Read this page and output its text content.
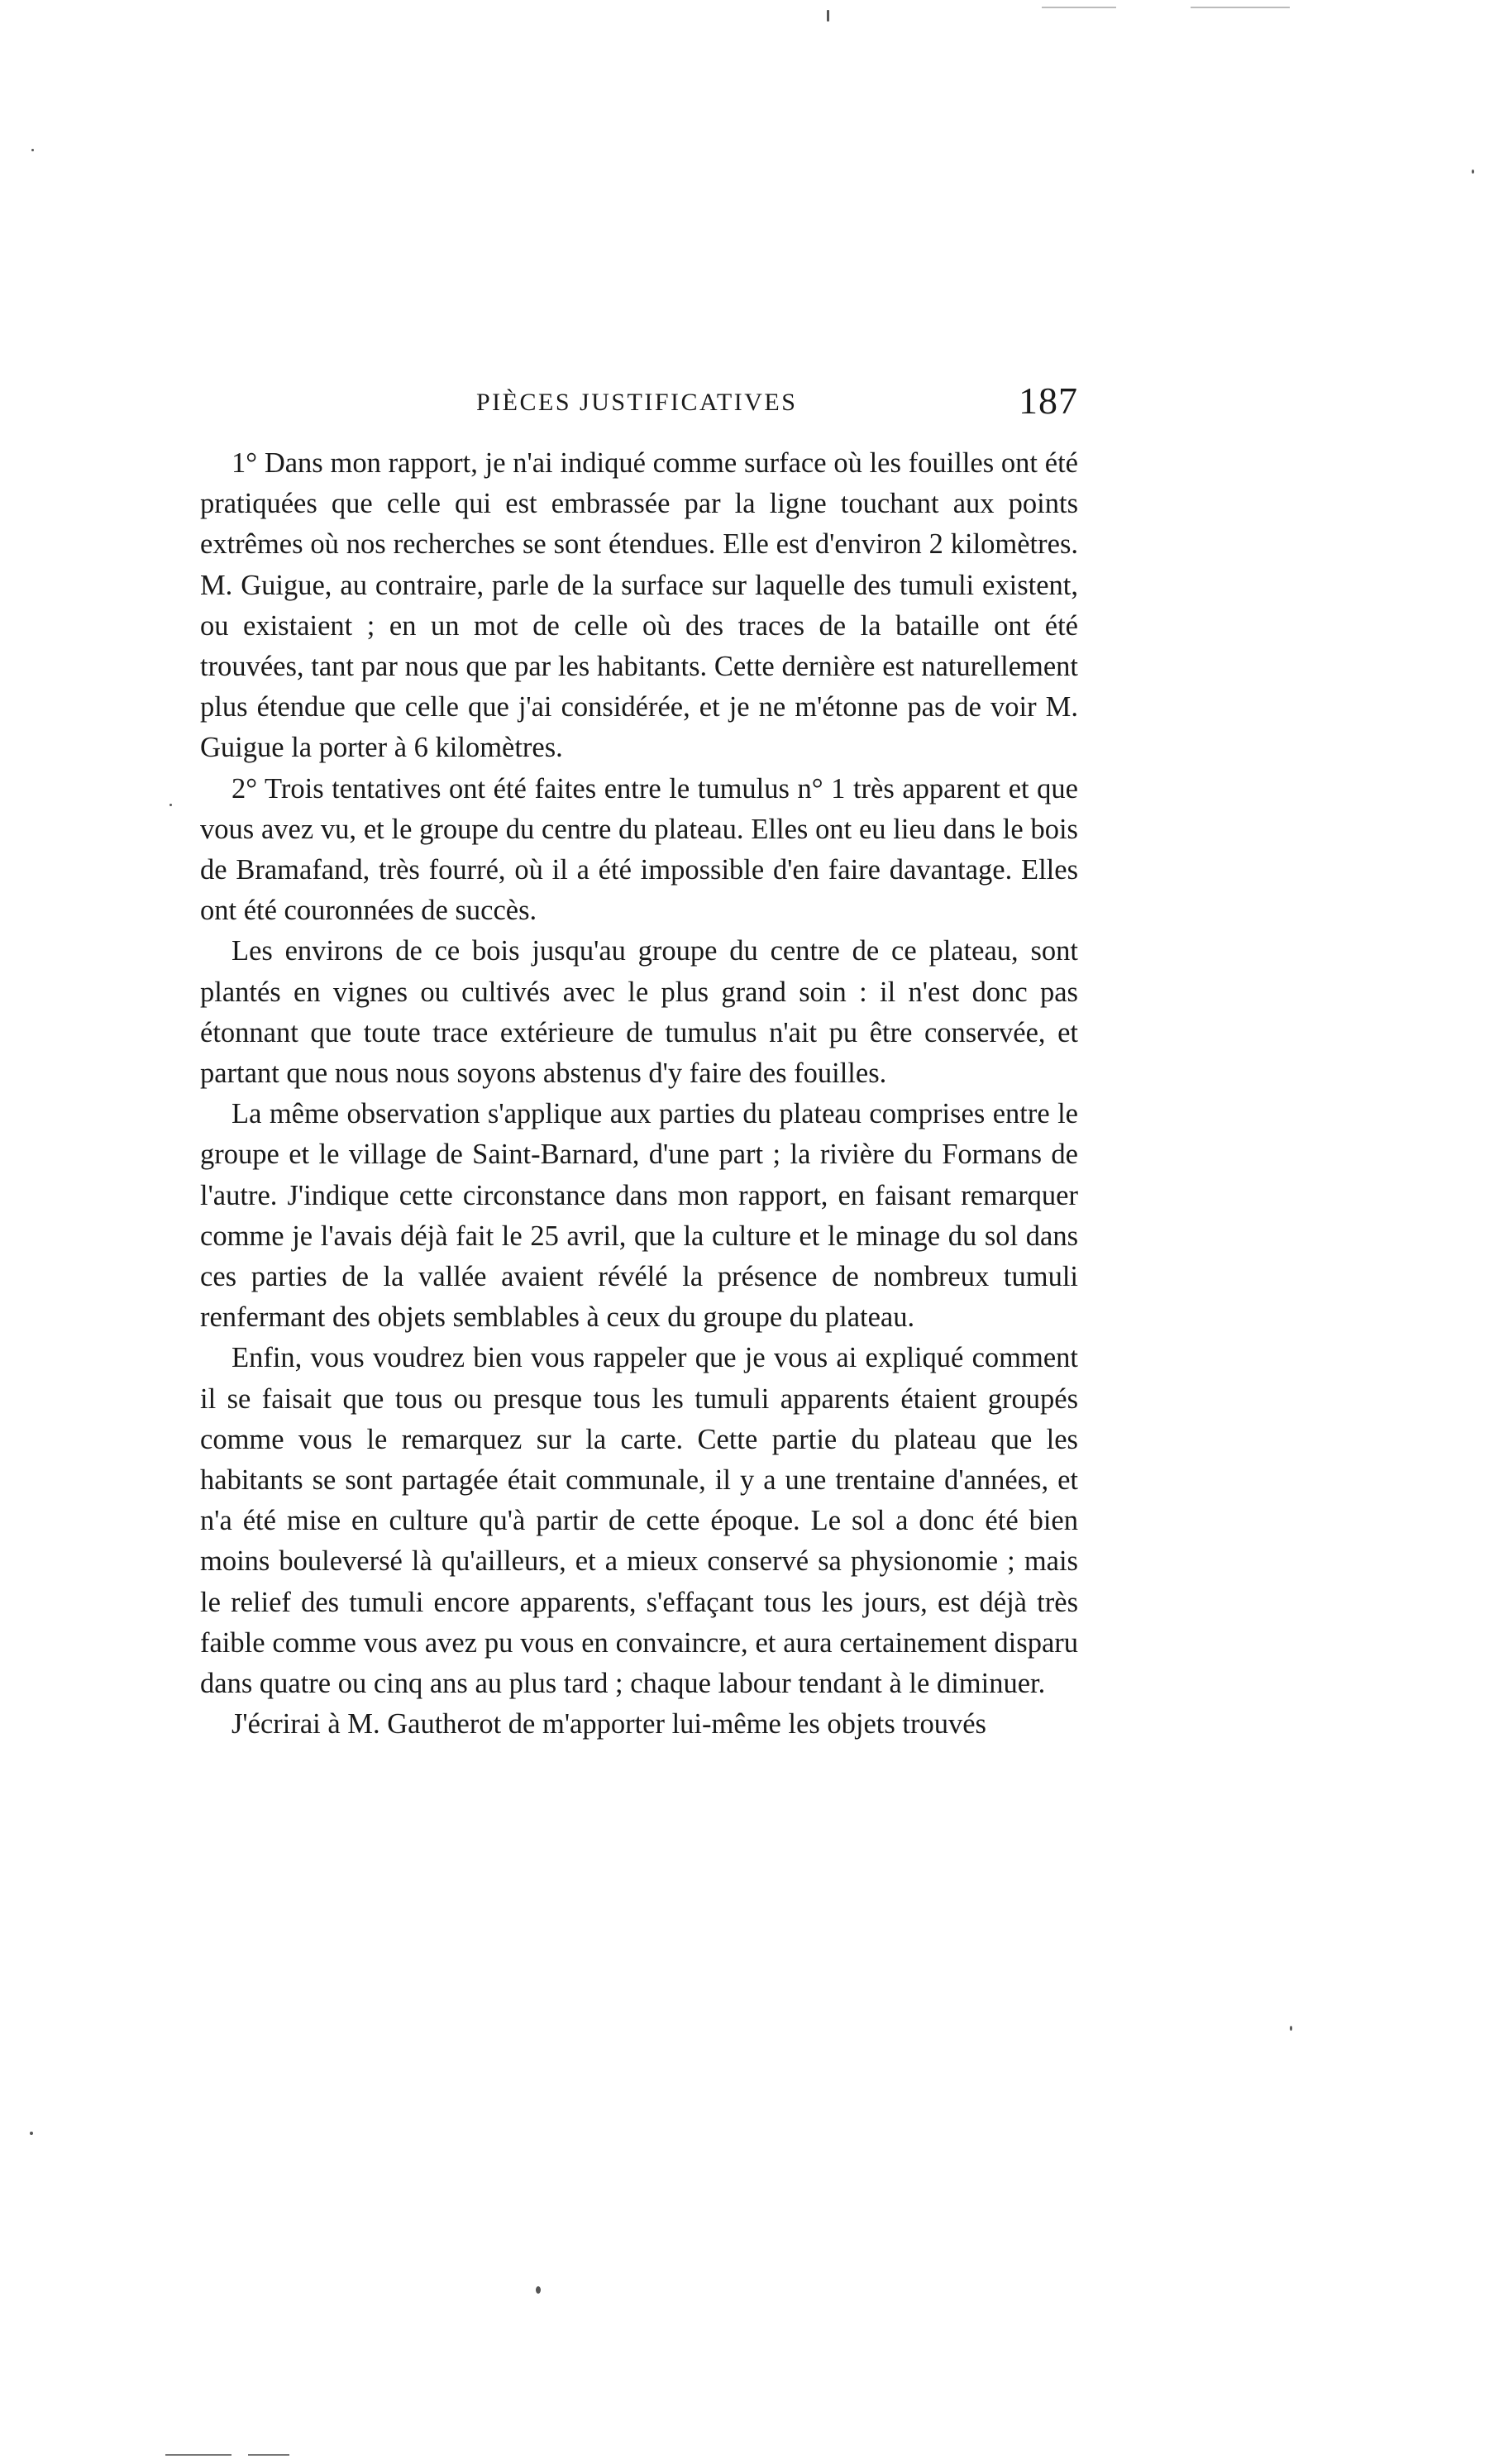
PIÈCES JUSTIFICATIVES	187

1° Dans mon rapport, je n'ai indiqué comme surface où les fouilles ont été pratiquées que celle qui est embrassée par la ligne touchant aux points extrêmes où nos recherches se sont étendues. Elle est d'environ 2 kilomètres. M. Guigue, au contraire, parle de la surface sur laquelle des tumuli existent, ou existaient ; en un mot de celle où des traces de la bataille ont été trouvées, tant par nous que par les habitants. Cette dernière est naturellement plus étendue que celle que j'ai considérée, et je ne m'étonne pas de voir M. Guigue la porter à 6 kilomètres.

2° Trois tentatives ont été faites entre le tumulus n° 1 très apparent et que vous avez vu, et le groupe du centre du plateau. Elles ont eu lieu dans le bois de Bramafand, très fourré, où il a été impossible d'en faire davantage. Elles ont été couronnées de succès.

Les environs de ce bois jusqu'au groupe du centre de ce plateau, sont plantés en vignes ou cultivés avec le plus grand soin : il n'est donc pas étonnant que toute trace extérieure de tumulus n'ait pu être conservée, et partant que nous nous soyons abstenus d'y faire des fouilles.

La même observation s'applique aux parties du plateau comprises entre le groupe et le village de Saint-Barnard, d'une part ; la rivière du Formans de l'autre. J'indique cette circonstance dans mon rapport, en faisant remarquer comme je l'avais déjà fait le 25 avril, que la culture et le minage du sol dans ces parties de la vallée avaient révélé la présence de nombreux tumuli renfermant des objets semblables à ceux du groupe du plateau.

Enfin, vous voudrez bien vous rappeler que je vous ai expliqué comment il se faisait que tous ou presque tous les tumuli apparents étaient groupés comme vous le remarquez sur la carte. Cette partie du plateau que les habitants se sont partagée était communale, il y a une trentaine d'années, et n'a été mise en culture qu'à partir de cette époque. Le sol a donc été bien moins bouleversé là qu'ailleurs, et a mieux conservé sa physionomie ; mais le relief des tumuli encore apparents, s'effaçant tous les jours, est déjà très faible comme vous avez pu vous en convaincre, et aura certainement disparu dans quatre ou cinq ans au plus tard ; chaque labour tendant à le diminuer.

J'écrirai à M. Gautherot de m'apporter lui-même les objets trouvés
